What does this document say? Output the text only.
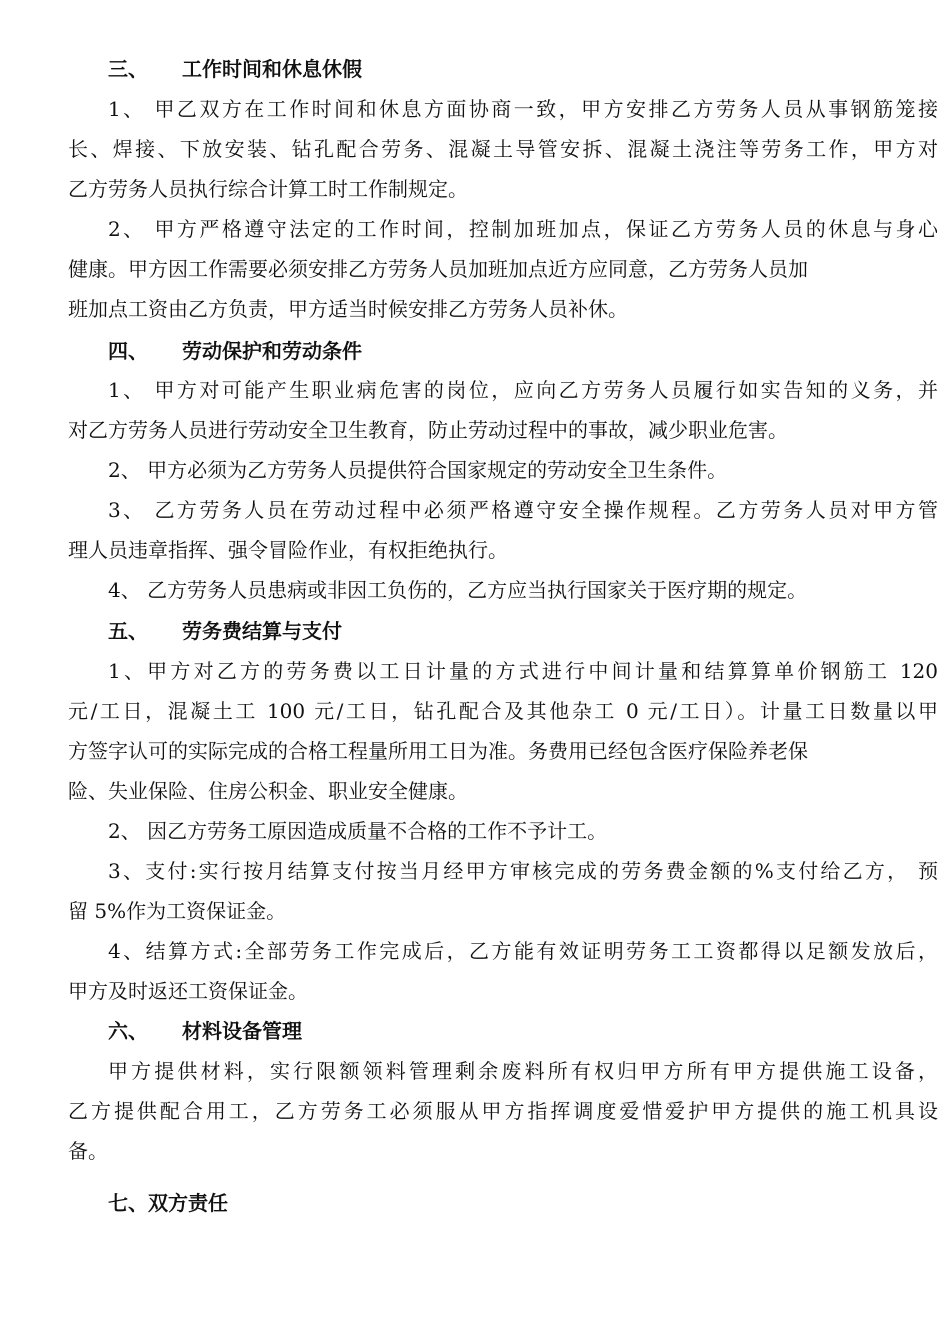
三、 工作时间和休息休假
1、 甲乙双方在工作时间和休息方面协商一致，甲方安排乙方劳务人员从事钢筋笼接
长、焊接、下放安装、钻孔配合劳务、混凝土导管安拆、混凝土浇注等劳务工作，甲方对
乙方劳务人员执行综合计算工时工作制规定。
2、 甲方严格遵守法定的工作时间，控制加班加点，保证乙方劳务人员的休息与身心
健康。甲方因工作需要必须安排乙方劳务人员加班加点近方应同意，乙方劳务人员加
班加点工资由乙方负责，甲方适当时候安排乙方劳务人员补休。
四、 劳动保护和劳动条件
1、 甲方对可能产生职业病危害的岗位，应向乙方劳务人员履行如实告知的义务，并
对乙方劳务人员进行劳动安全卫生教育，防止劳动过程中的事故，减少职业危害。
2、 甲方必须为乙方劳务人员提供符合国家规定的劳动安全卫生条件。
3、 乙方劳务人员在劳动过程中必须严格遵守安全操作规程。乙方劳务人员对甲方管
理人员违章指挥、强令冒险作业，有权拒绝执行。
4、 乙方劳务人员患病或非因工负伤的，乙方应当执行国家关于医疗期的规定。
五、 劳务费结算与支付
1、甲方对乙方的劳务费以工日计量的方式进行中间计量和结算算单价钢筋工 120
元/工日，混凝土工 100 元/工日，钻孔配合及其他杂工 0 元/工日）。计量工日数量以甲
方签字认可的实际完成的合格工程量所用工日为准。务费用已经包含医疗保险养老保
险、失业保险、住房公积金、职业安全健康。
2、 因乙方劳务工原因造成质量不合格的工作不予计工。
3、支付:实行按月结算支付按当月经甲方审核完成的劳务费金额的%支付给乙方， 预
留 5%作为工资保证金。
4、结算方式:全部劳务工作完成后，乙方能有效证明劳务工工资都得以足额发放后，
甲方及时返还工资保证金。
六、 材料设备管理
甲方提供材料，实行限额领料管理剩余废料所有权归甲方所有甲方提供施工设备，
乙方提供配合用工，乙方劳务工必须服从甲方指挥调度爱惜爱护甲方提供的施工机具设
备。
七、双方责任
